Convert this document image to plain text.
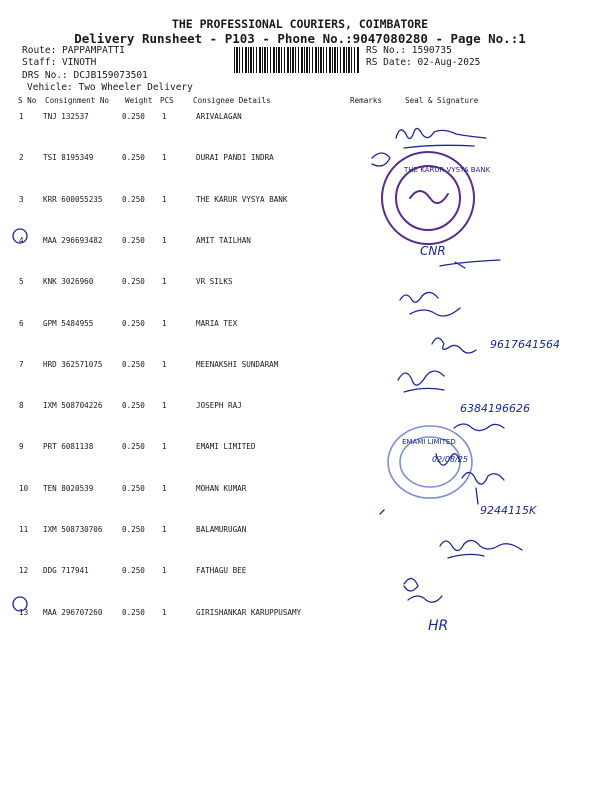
THE PROFESSIONAL COURIERS, COIMBATORE
Delivery Runsheet - P103 - Phone No.:9047080280 - Page No.:1
Route: PAPPAMPATTI
Staff: VINOTH
DRS No.: DCJB159073501
Vehicle: Two Wheeler Delivery
RS No.: 1590735
RS Date: 02-Aug-2025
S No Consignment No Weight PCS	Consignee Details	Remarks	Seal & Signature
1	TNJ 132537	0.250 1	ARIVALAGAN
2	TSI 8195349	0.250 1	DURAI PANDI INDRA
3	KRR 600055235	0.250 1	THE KARUR VYSYA BANK
4	MAA 296693482	0.250 1	AMIT TAILHAN
5	KNK 3026960	0.250 1	VR SILKS
6	GPM 5484955	0.250 1	MARIA TEX
7	HRD 362571075	0.250 1	MEENAKSHI SUNDARAM
8	IXM 508704226	0.250 1	JOSEPH RAJ
9	PRT 6081138	0.250 1	EMAMI LIMITED
10 TEN 8020539	0.250 1	MOHAN KUMAR
11 IXM 508730706	0.250 1	BALAMURUGAN
12 DDG 717941	0.250 1	FATHAGU BEE
13 MAA 296707260	0.250 1	GIRISHANKAR KARUPPUSAMY
THE KARUR VYSYA BANK
CNR
9617641564
6384196626
EMAMI LIMITED
02/08/25
9244115K
HR
